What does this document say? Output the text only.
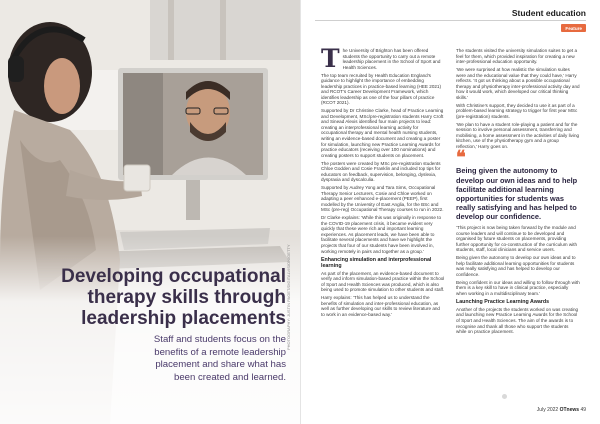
Developing occupational therapy skills through leadership placements
Staff and students focus on the benefits of a remote leadership placement and share what has been created and learned.
PHOTOGRAPHY: JUSTIN PAGET/DIGITALVISION/GETTY
Student education
Feature

The University of Brighton has been offered students the opportunity to carry out a remote leadership placement in the School of Sport and Health Sciences.

The top team recruited by Health Education England’s guidance to highlight the importance of embedding leadership practices in practice-based learning (HEE 2021) and RCOT’s Career Development Framework, which identifies leadership as one of the four pillars of practice (RCOT 2021).

Supported by Dr Christine Clarke, head of Practice Learning and Development, MSc/pre-registration students Harry Croft and Sinead Alexis identified four main projects to lead: creating an interprofessional learning activity for occupational therapy and mental health nursing students, writing an evidence-based document and creating a poster for simulation, launching new Practice Learning Awards for practice educators (receiving over 100 nominations) and creating posters to support students on placement.

The posters were created by MSc pre-registration students Chloe Godden and Cosie Franklin and included top tips for educators on feedback, supervision, belonging, dyslexia, dyspraxia and dyscalculia.

Supported by Audrey Yong and Tara Sims, Occupational Therapy Senior Lecturers, Cosie and Chloe worked on adapting a peer enhanced e-placement (PEEP), first modelled by the University of East Anglia, for the BSc and MSc (pre-reg) Occupational Therapy courses to run in 2022.

Dr Clarke explains: ‘While this was originally in response to the COVID-19 placement crisis, it became evident very quickly that these were rich and important learning experiences. As placement leads, we have been able to facilitate several placements and have we highlight the projects that four of our students have been involved in, working remotely in pairs and together as a group.’

Enhancing simulation and interprofessional learning

As part of the placement, an evidence-based document to verify and inform simulation-based practice within the School of Sport and Health Sciences was produced, which is also being used to promote simulation to other students and staff.

Harry explains: ‘This has helped us to understand the benefits of simulation and inter-professional education, as well as further developing our skills to review literature and to work in an evidence-based way.’

The students visited the university simulation suites to get a feel for them, which provided inspiration for creating a new inter-professional education opportunity.

‘We were surprised at how realistic the simulation suites were and the educational value that they could have,’ Harry reflects. ‘It got us thinking about a possible occupational therapy and physiotherapy inter-professional activity day and how it would work, which developed our critical thinking skills.’

With Christine’s support, they decided to use it as part of a problem-based learning strategy to trigger for first year MSc (pre-registration) students.

‘We plan to have a student role-playing a patient and for the session to involve personal assessment, transferring and mobilising, a home assessment in the activities of daily living kitchen, use of the physiotherapy gym and a group reflection,’ Harry goes on.

❝
Being given the autonomy to develop our own ideas and to help facilitate additional learning opportunities for students was really satisfying and has helped to develop our confidence.

‘This project is now being taken forward by the module and course leaders and will continue to be developed and organised by future students on placements, providing further opportunity for co-construction of the curriculum with students, staff, local clinicians and service users.

Being given the autonomy to develop our own ideas and to help facilitate additional learning opportunities for students was really satisfying and has helped to develop our confidence.

Being confident in our ideas and willing to follow through with them is a key skill to have in clinical practice, especially when working in a multidisciplinary team.’

Launching Practice Learning Awards

Another of the projects the students worked on was creating and launching new Practice Learning Awards for the School of Sport and Health Sciences. The aim of the awards is to recognise and thank all those who support the students while on practice placement.

July 2022 OTnews 49
